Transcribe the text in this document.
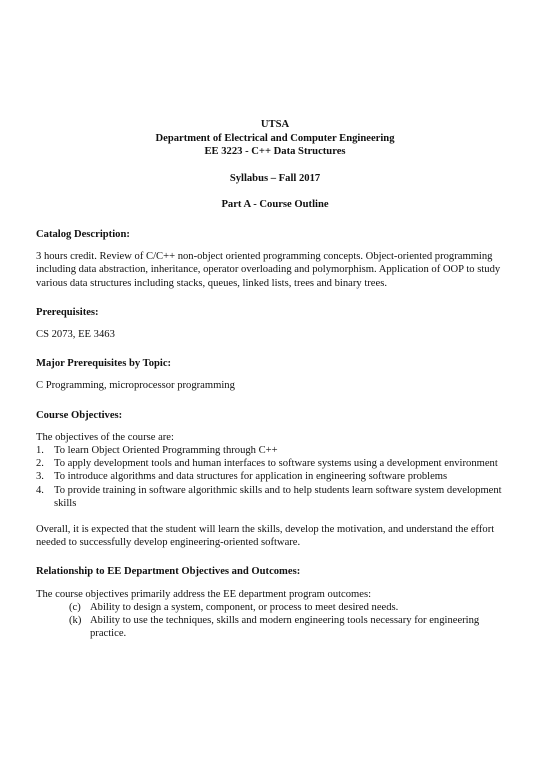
UTSA

Department of Electrical and Computer Engineering

EE 3223 - C++ Data Structures

Syllabus – Fall 2017

Part A - Course Outline

Catalog Description:

3 hours credit. Review of C/C++ non-object oriented programming concepts. Object-oriented programming including data abstraction, inheritance, operator overloading and polymorphism. Application of OOP to study various data structures including stacks, queues, linked lists, trees and binary trees.

Prerequisites:

CS 2073, EE 3463

Major Prerequisites by Topic:

C Programming, microprocessor programming

Course Objectives:

The objectives of the course are:

1. To learn Object Oriented Programming through C++
2. To apply development tools and human interfaces to software systems using a development environment
3. To introduce algorithms and data structures for application in engineering software problems
4. To provide training in software algorithmic skills and to help students learn software system development skills

Overall, it is expected that the student will learn the skills, develop the motivation, and understand the effort needed to successfully develop engineering-oriented software.

Relationship to EE Department Objectives and Outcomes:

The course objectives primarily address the EE department program outcomes:

(c) Ability to design a system, component, or process to meet desired needs.
(k) Ability to use the techniques, skills and modern engineering tools necessary for engineering practice.
